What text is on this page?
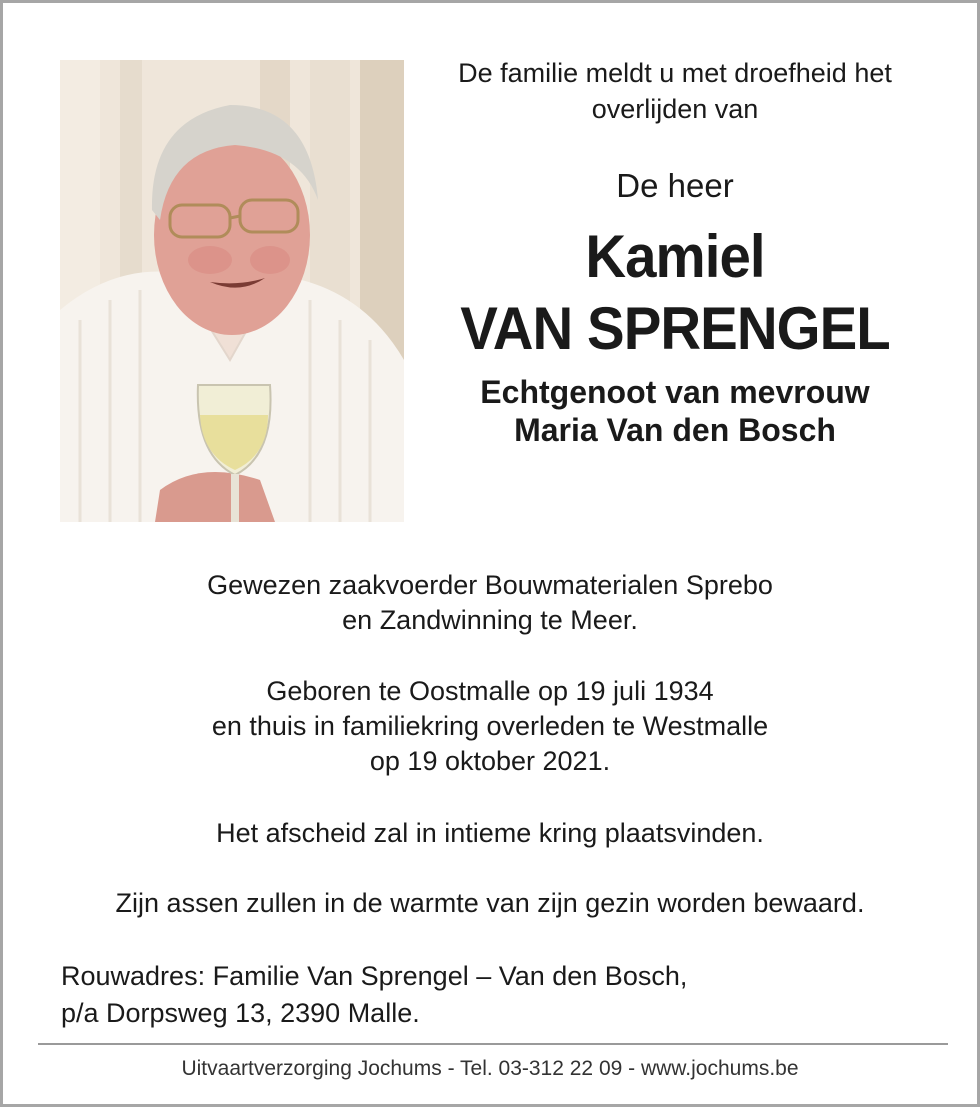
De familie meldt u met droefheid het
overlijden van

De heer

Kamiel
VAN SPRENGEL

Echtgenoot van mevrouw
Maria Van den Bosch

Gewezen zaakvoerder Bouwmaterialen Sprebo
en Zandwinning te Meer.

Geboren te Oostmalle op 19 juli 1934
en thuis in familiekring overleden te Westmalle
op 19 oktober 2021.

Het afscheid zal in intieme kring plaatsvinden.

Zijn assen zullen in de warmte van zijn gezin worden bewaard.

Rouwadres: Familie Van Sprengel – Van den Bosch,
p/a Dorpsweg 13, 2390 Malle.

Uitvaartverzorging Jochums - Tel. 03-312 22 09 - www.jochums.be
